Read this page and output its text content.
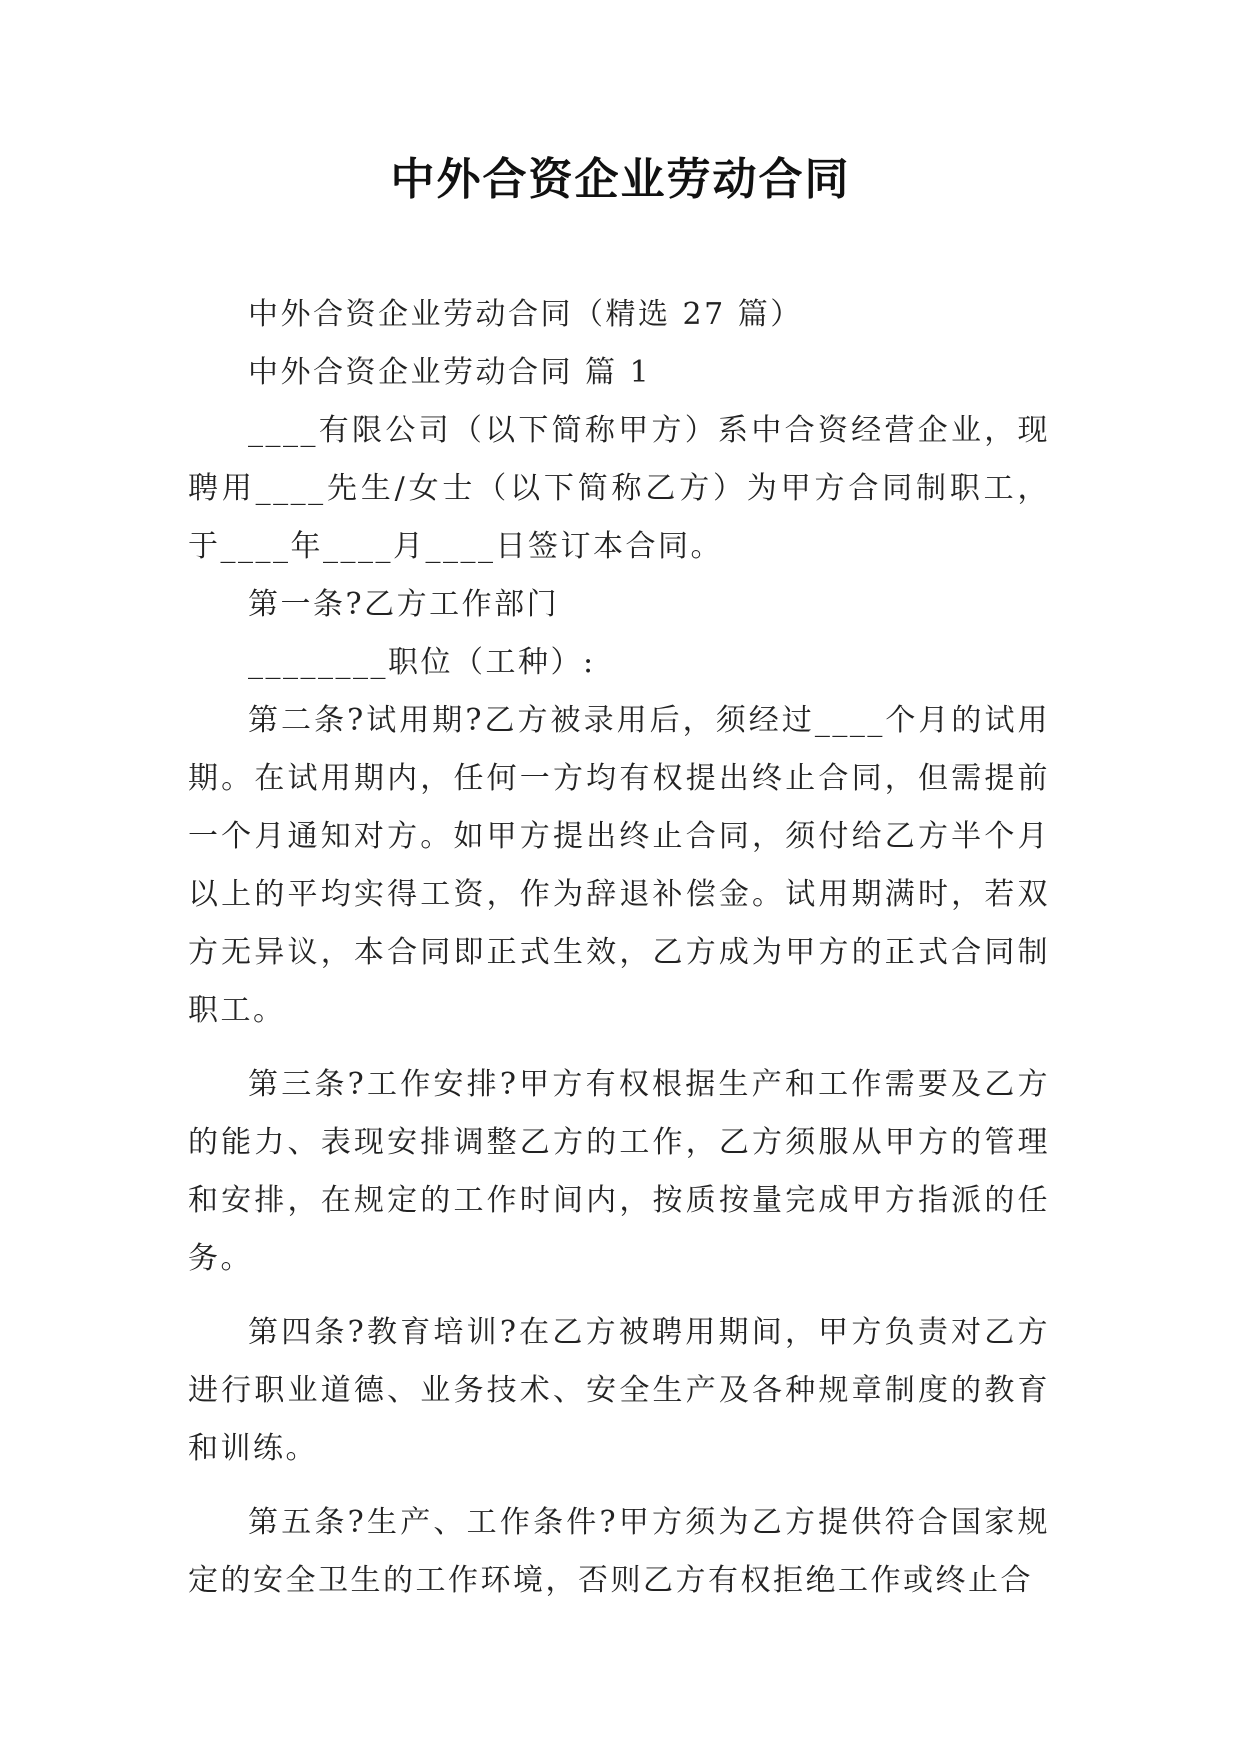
中外合资企业劳动合同

中外合资企业劳动合同（精选 27 篇）

中外合资企业劳动合同 篇 1

____有限公司（以下简称甲方）系中合资经营企业，现聘用____先生/女士（以下简称乙方）为甲方合同制职工，于____年____月____日签订本合同。

第一条?乙方工作部门

________职位（工种）:

第二条?试用期?乙方被录用后，须经过____个月的试用期。在试用期内，任何一方均有权提出终止合同，但需提前一个月通知对方。如甲方提出终止合同，须付给乙方半个月以上的平均实得工资，作为辞退补偿金。试用期满时，若双方无异议，本合同即正式生效，乙方成为甲方的正式合同制职工。

第三条?工作安排?甲方有权根据生产和工作需要及乙方的能力、表现安排调整乙方的工作，乙方须服从甲方的管理和安排，在规定的工作时间内，按质按量完成甲方指派的任务。

第四条?教育培训?在乙方被聘用期间，甲方负责对乙方进行职业道德、业务技术、安全生产及各种规章制度的教育和训练。

第五条?生产、工作条件?甲方须为乙方提供符合国家规定的安全卫生的工作环境，否则乙方有权拒绝工作或终止合
